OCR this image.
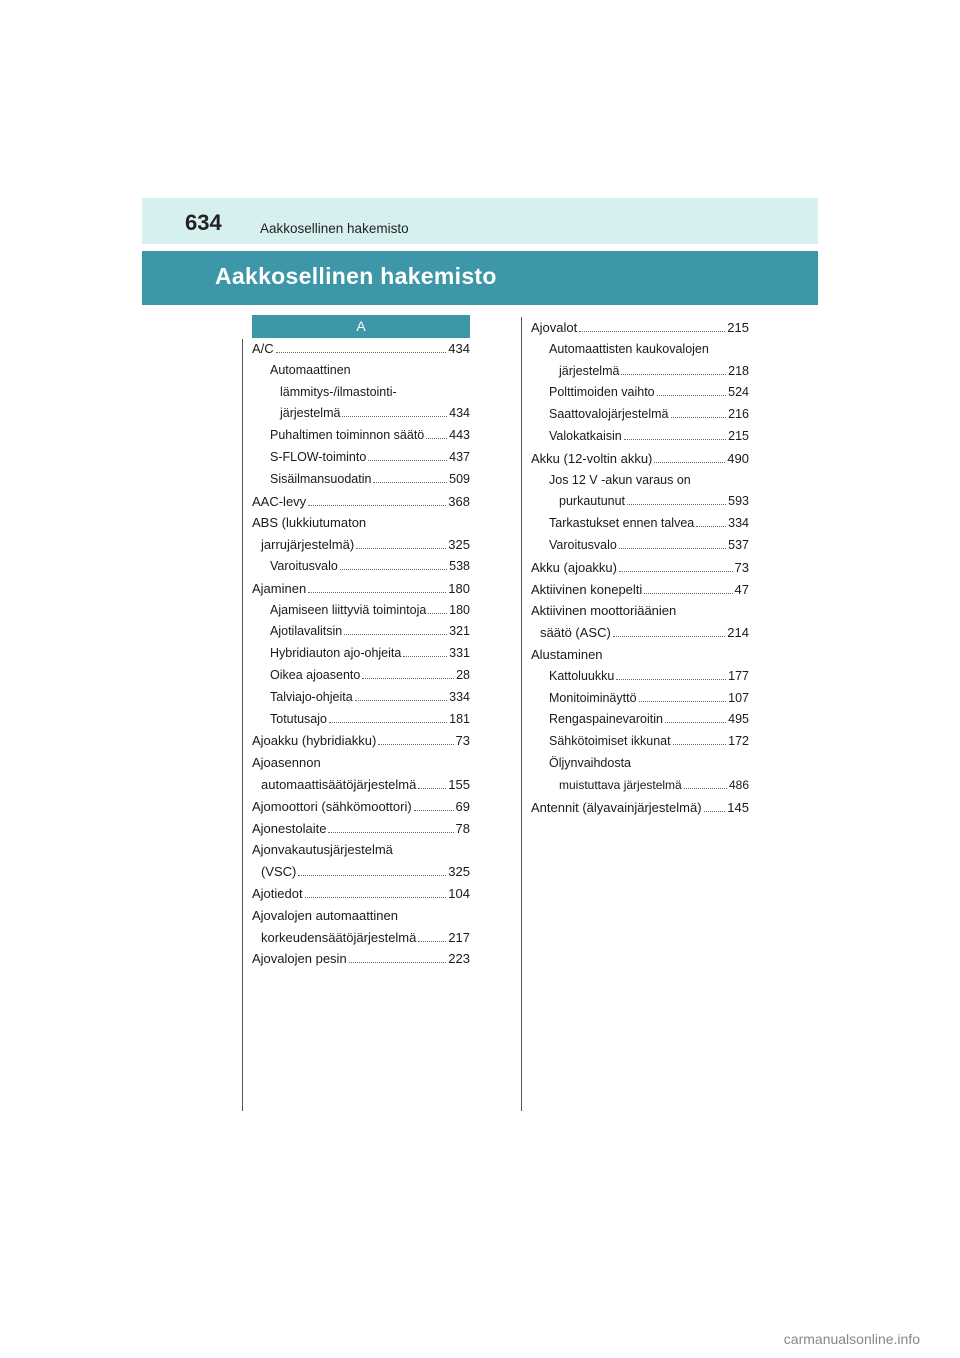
634	Aakkosellinen hakemisto
Aakkosellinen hakemisto
A
A/C	434
Automaattinen
lämmitys-/ilmastointi-
järjestelmä	434
Puhaltimen toiminnon säätö 443
S-FLOW-toiminto	437
Sisäilmansuodatin	509
AAC-levy	368
ABS (lukkiutumaton
jarrujärjestelmä)	325
Varoitusvalo	538
Ajaminen	180
Ajamiseen liittyviä toimintoja 180
Ajotilavalitsin	321
Hybridiauton ajo-ohjeita	331
Oikea ajoasento	28
Talviajo-ohjeita	334
Totutusajo	181
Ajoakku (hybridiakku)	73
Ajoasennon
automaattisäätöjärjestelmä 155
Ajomoottori (sähkömoottori)	69
Ajonestolaite	78
Ajonvakautusjärjestelmä
(VSC)	325
Ajotiedot	104
Ajovalojen automaattinen
korkeudensäätöjärjestelmä 217
Ajovalojen pesin	223
Ajovalot	215
Automaattisten kaukovalojen
järjestelmä	218
Polttimoiden vaihto	524
Saattovalojärjestelmä	216
Valokatkaisin	215
Akku (12-voltin akku)	490
Jos 12 V -akun varaus on
purkautunut	593
Tarkastukset ennen talvea	334
Varoitusvalo	537
Akku (ajoakku)	73
Aktiivinen konepelti	47
Aktiivinen moottoriäänien
säätö (ASC)	214
Alustaminen
Kattoluukku	177
Monitoiminäyttö	107
Rengaspainevaroitin	495
Sähkötoimiset ikkunat	172
Öljynvaihdosta
muistuttava järjestelmä	486
Antennit (älyavainjärjestelmä) 145
carmanualsonline.info
